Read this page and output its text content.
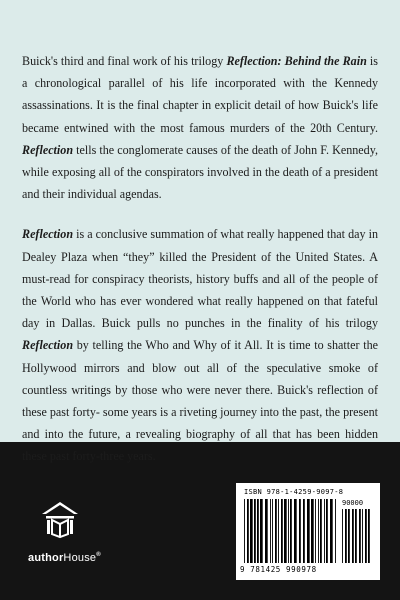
Buick's third and final work of his trilogy Reflection: Behind the Rain is a chronological parallel of his life incorporated with the Kennedy assassinations. It is the final chapter in explicit detail of how Buick's life became entwined with the most famous murders of the 20th Century. Reflection tells the conglomerate causes of the death of John F. Kennedy, while exposing all of the conspirators involved in the death of a president and their individual agendas.

Reflection is a conclusive summation of what really happened that day in Dealey Plaza when “they” killed the President of the United States. A must-read for conspiracy theorists, history buffs and all of the people of the World who has ever wondered what really happened on that fateful day in Dallas. Buick pulls no punches in the finality of his trilogy Reflection by telling the Who and Why of it All. It is time to shatter the Hollywood mirrors and blow out all of the speculative smoke of countless writings by those who were never there. Buick's reflection of these past forty- some years is a riveting journey into the past, the present and into the future, a revealing biography of all that has been hidden these past forty-three years.

authorHouse®
ISBN 978-1-4259-9097-8
90000
9 781425 990978
